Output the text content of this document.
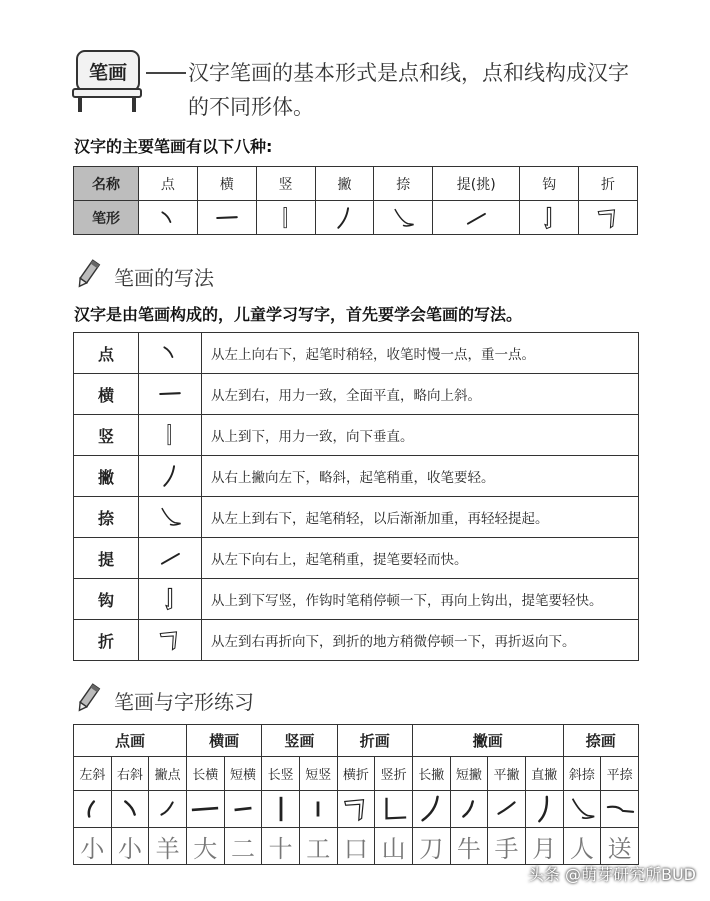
笔画	汉字笔画的基本形式是点和线，点和线构成汉字
的不同形体。
汉字的主要笔画有以下八种:
名称	点	横	竖	撇	捺	提(挑)	钩	折
笔形	

笔画的写法
汉字是由笔画构成的，儿童学习写字，首先要学会笔画的写法。
点		从左上向右下，起笔时稍轻，收笔时慢一点，重一点。
横		从左到右，用力一致，全面平直，略向上斜。
竖		从上到下，用力一致，向下垂直。
撇		从右上撇向左下，略斜，起笔稍重，收笔要轻。
捺		从左上到右下，起笔稍轻，以后渐渐加重，再轻轻提起。
提		从左下向右上，起笔稍重，提笔要轻而快。
钩		从上到下写竖，作钩时笔稍停顿一下，再向上钩出，提笔要轻快。
折		从左到右再折向下，到折的地方稍微停顿一下，再折返向下。
笔画与字形练习
点画			横画		竖画		折画		撇画				捺画	
左斜	右斜	撇点	长横	短横	长竖	短竖	横折	竖折	长撇	短撇	平撇	直撇	斜捺	平捺

小	小	羊	大	二	十	工	口	山	刀	牛	手	月	人	送
头条 @萌芽研究所BUD
